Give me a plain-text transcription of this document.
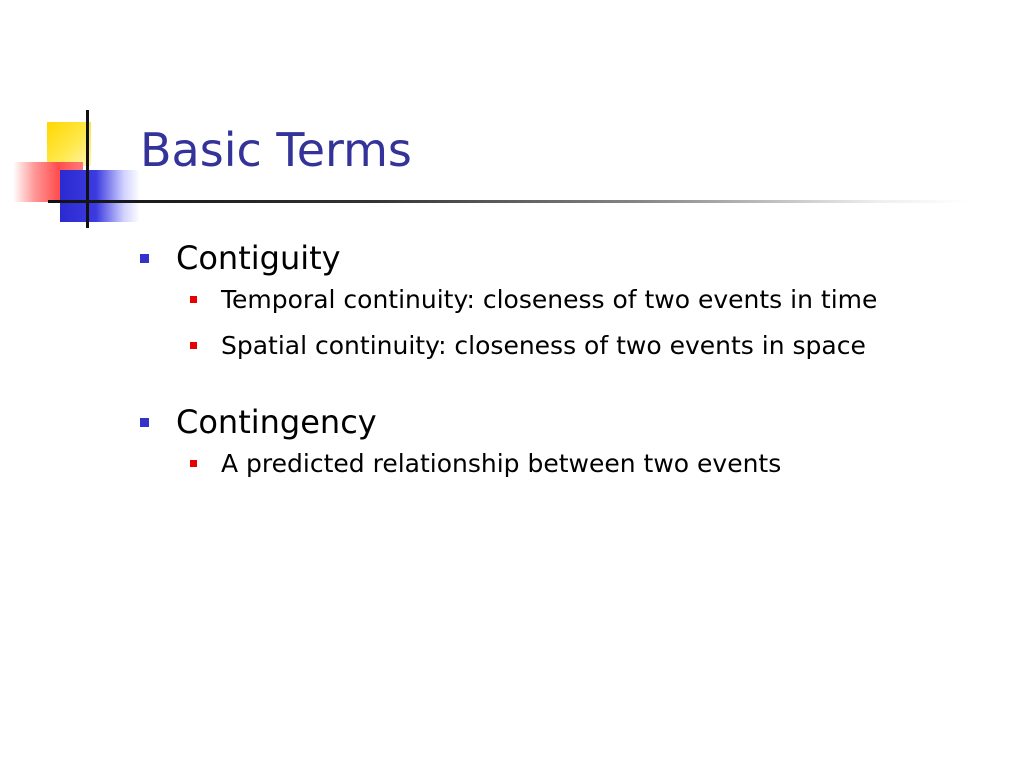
Basic Terms
Contiguity
Temporal continuity: closeness of two events in time
Spatial continuity: closeness of two events in space
Contingency
A predicted relationship between two events
